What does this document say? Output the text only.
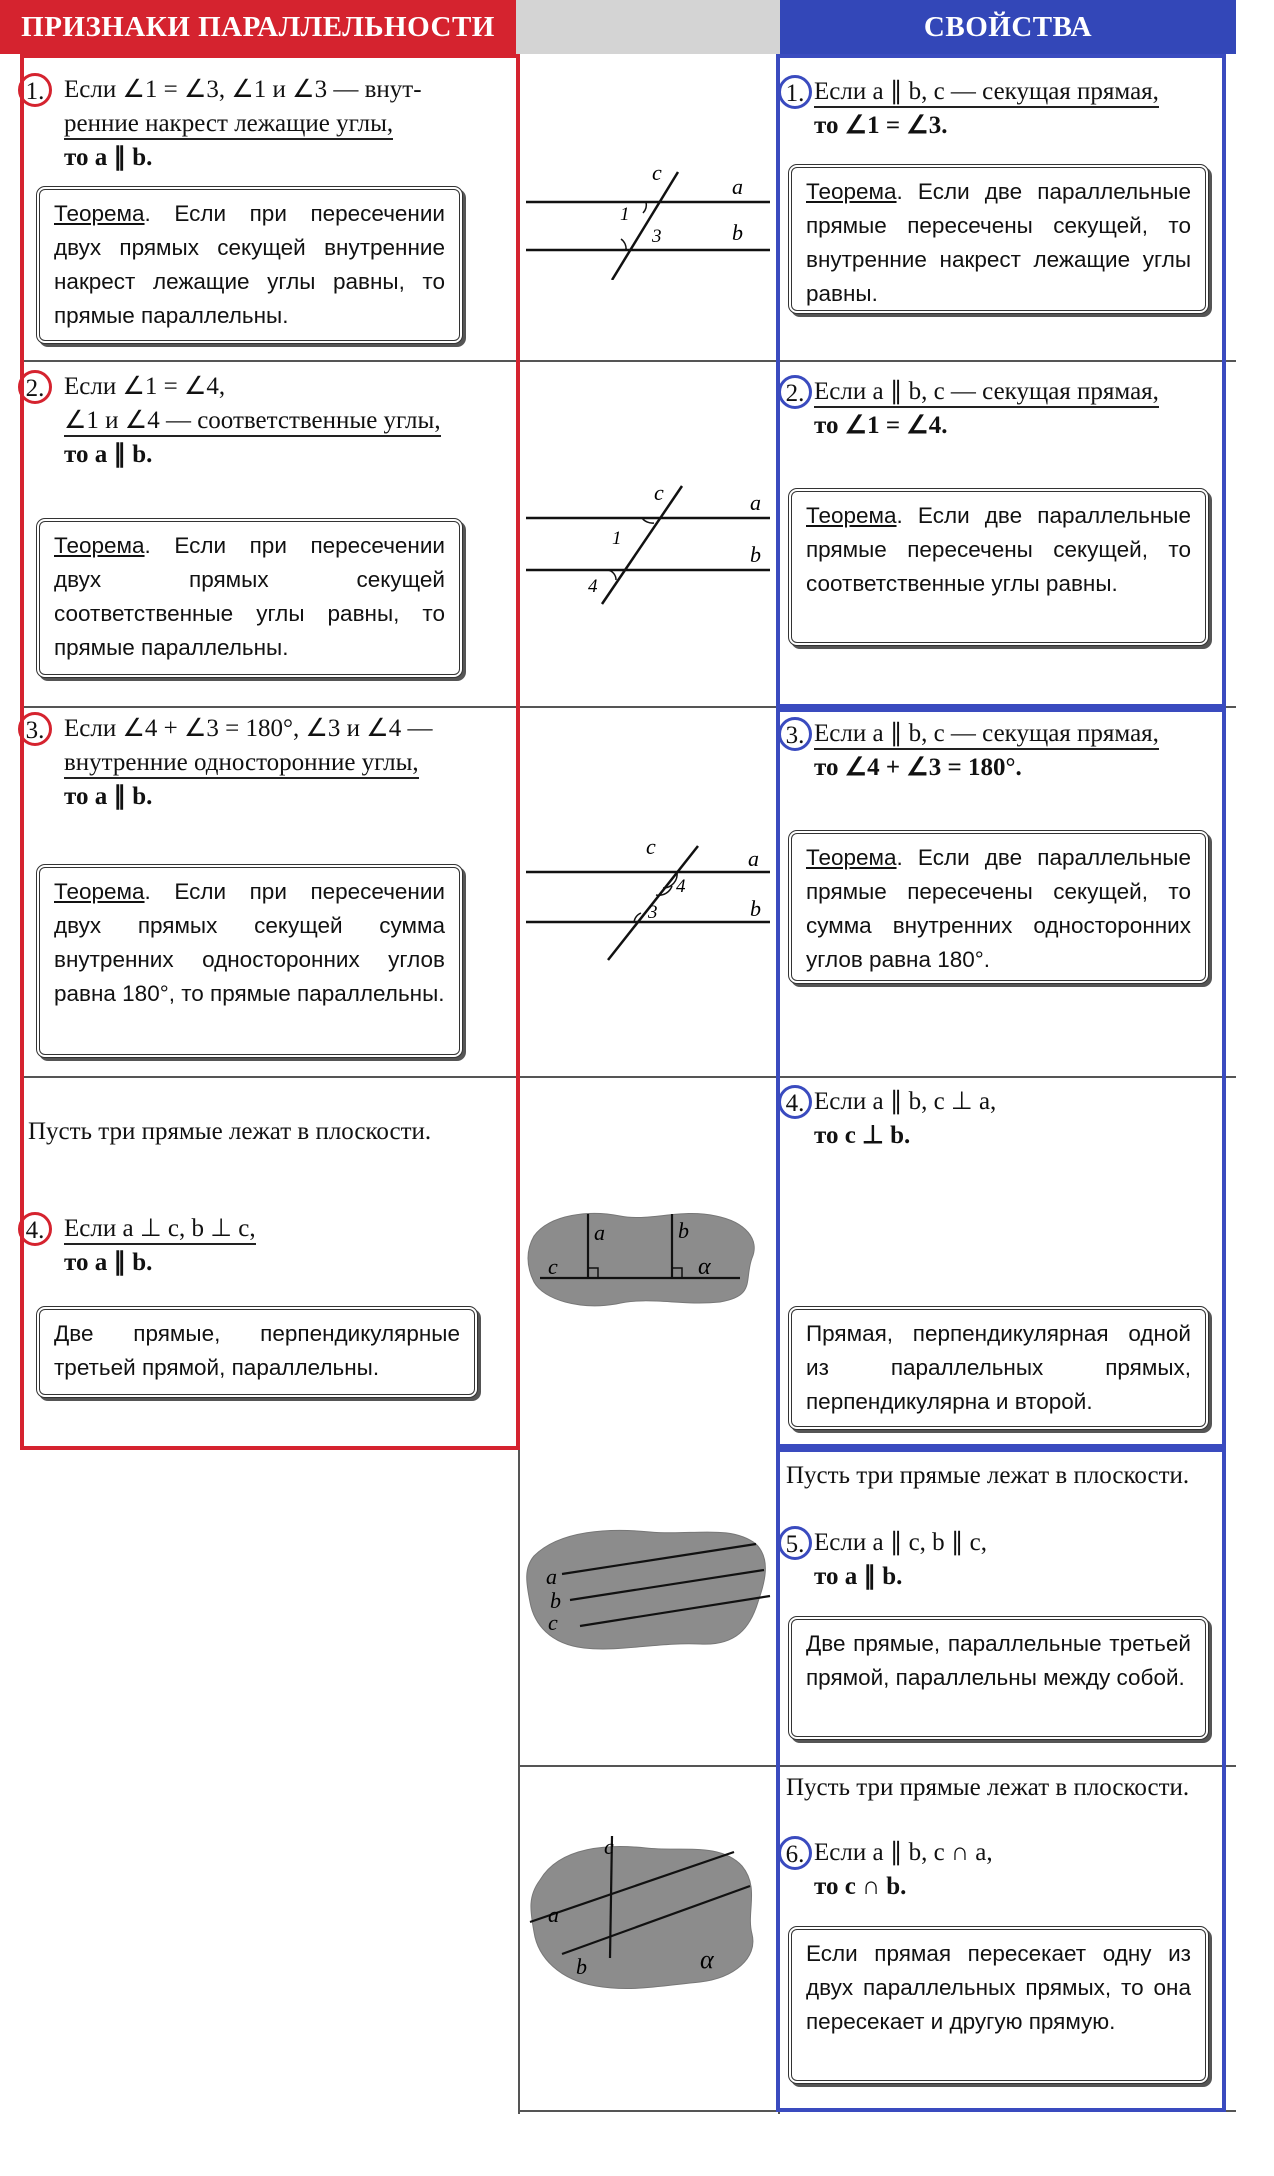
ПРИЗНАКИ ПАРАЛЛЕЛЬНОСТИ	СВОЙСТВА
1. Если ∠1 = ∠3, ∠1 и ∠3 — внут-
ренние накрест лежащие углы,
то a ∥ b.
Теорема. Если при пересечении двух прямых секущей внутренние накрест лежащие углы равны, то прямые параллельны.
2. Если ∠1 = ∠4,
∠1 и ∠4 — соответственные углы,
то a ∥ b.
Теорема. Если при пересечении двух прямых секущей соответственные углы равны, то прямые параллельны.
3. Если ∠4 + ∠3 = 180°, ∠3 и ∠4 —
внутренние односторонние углы,
то a ∥ b.
Теорема. Если при пересечении двух прямых секущей сумма внутренних односторонних углов равна 180°, то прямые параллельны.
Пусть три прямые лежат в плоскости.
4. Если a ⊥ c, b ⊥ c,
то a ∥ b.
Две прямые, перпендикулярные третьей прямой, параллельны.
1. Если a ∥ b, c — секущая прямая,
то ∠1 = ∠3.
Теорема. Если две параллельные прямые пересечены секущей, то внутренние накрест лежащие углы равны.
2. Если a ∥ b, c — секущая прямая,
то ∠1 = ∠4.
Теорема. Если две параллельные прямые пересечены секущей, то соответственные углы равны.
3. Если a ∥ b, c — секущая прямая,
то ∠4 + ∠3 = 180°.
Теорема. Если две параллельные прямые пересечены секущей, то сумма внутренних односторонних углов равна 180°.
4. Если a ∥ b, c ⊥ a,
то c ⊥ b.
Прямая, перпендикулярная одной из параллельных прямых, перпендикулярна и второй.
Пусть три прямые лежат в плоскости.
5. Если a ∥ c, b ∥ c,
то a ∥ b.
Две прямые, параллельные третьей прямой, параллельны между собой.
Пусть три прямые лежат в плоскости.
6. Если a ∥ b, c ∩ a,
то c ∩ b.
Если прямая пересекает одну из двух параллельных прямых, то она пересекает и другую прямую.
c
a
b
1
3
c	a
b
1
4
c	a
b
4
3
a	b
c	α
a
b
c
c
a
b	α
